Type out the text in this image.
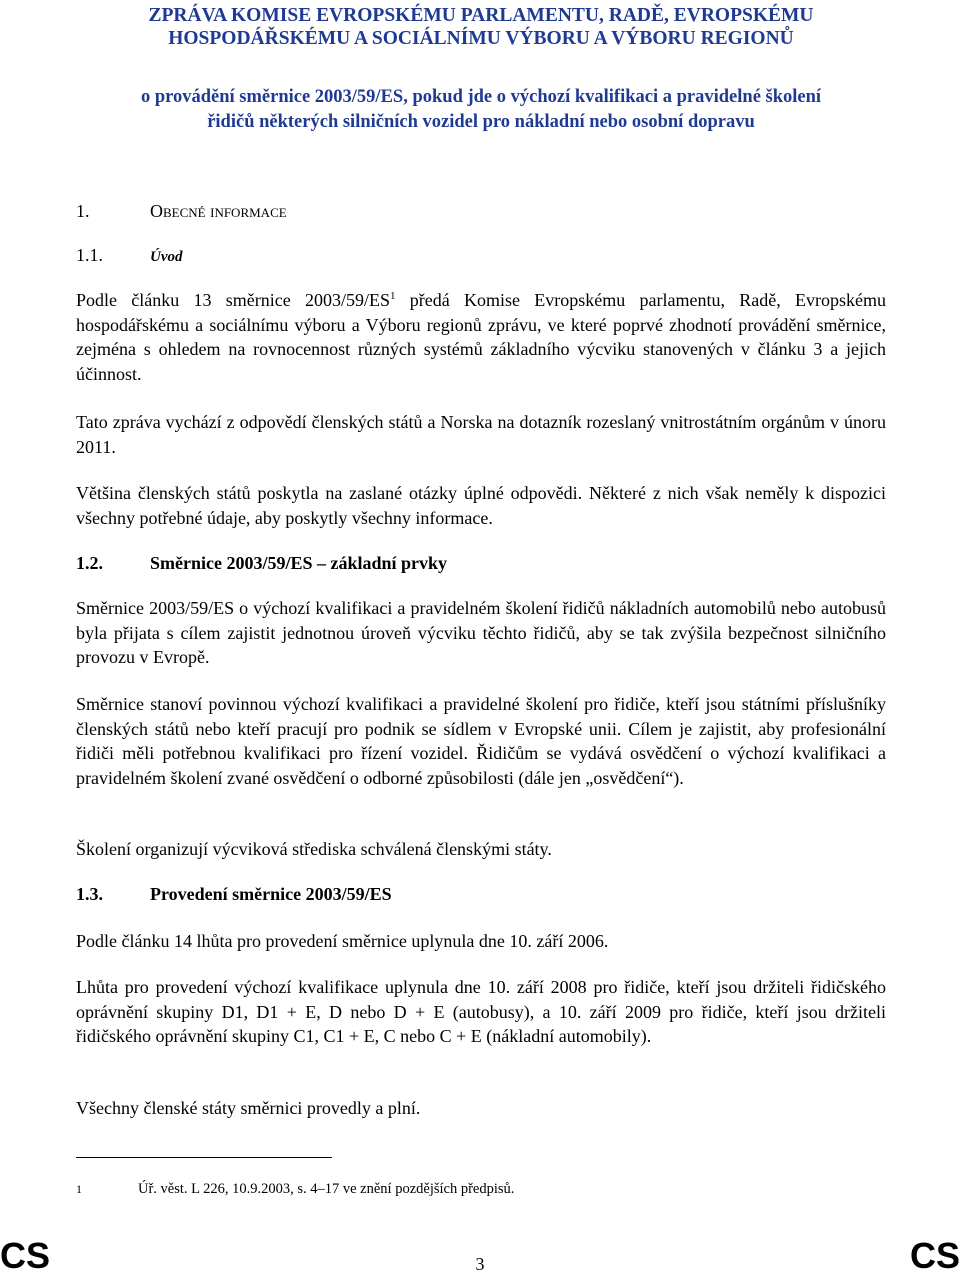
ZPRÁVA KOMISE EVROPSKÉMU PARLAMENTU, RADĚ, EVROPSKÉMU
HOSPODÁŘSKÉMU A SOCIÁLNÍMU VÝBORU A VÝBORU REGIONŮ
o provádění směrnice 2003/59/ES, pokud jde o výchozí kvalifikaci a pravidelné školení
řidičů některých silničních vozidel pro nákladní nebo osobní dopravu
1.	Obecné informace
1.1.	Úvod

Podle článku 13 směrnice $2003/59/ES^1$ předá Komise Evropskému parlamentu, Radě, Evropskému hospodářskému a sociálnímu výboru a Výboru regionů zprávu, ve které poprvé zhodnotí provádění směrnice, zejména s ohledem na rovnocennost různých systémů základního výcviku stanovených v článku 3 a jejich účinnost.

Tato zpráva vychází z odpovědí členských států a Norska na dotazník rozeslaný vnitrostátním orgánům v únoru 2011.

Většina členských států poskytla na zaslané otázky úplné odpovědi. Některé z nich však neměly k dispozici všechny potřebné údaje, aby poskytly všechny informace.

1.2.	Směrnice 2003/59/ES – základní prvky

Směrnice 2003/59/ES o výchozí kvalifikaci a pravidelném školení řidičů nákladních automobilů nebo autobusů byla přijata s cílem zajistit jednotnou úroveň výcviku těchto řidičů, aby se tak zvýšila bezpečnost silničního provozu v Evropě.

Směrnice stanoví povinnou výchozí kvalifikaci a pravidelné školení pro řidiče, kteří jsou státními příslušníky členských států nebo kteří pracují pro podnik se sídlem v Evropské unii. Cílem je zajistit, aby profesionální řidiči měli potřebnou kvalifikaci pro řízení vozidel. Řidičům se vydává osvědčení o výchozí kvalifikaci a pravidelném školení zvané osvědčení o odborné způsobilosti (dále jen „osvědčení“).

Školení organizují výcviková střediska schválená členskými státy.

1.3.	Provedení směrnice 2003/59/ES

Podle článku 14 lhůta pro provedení směrnice uplynula dne 10. září 2006.

Lhůta pro provedení výchozí kvalifikace uplynula dne 10. září 2008 pro řidiče, kteří jsou držiteli řidičského oprávnění skupiny D1, D1 + E, D nebo D + E (autobusy), a 10. září 2009 pro řidiče, kteří jsou držiteli řidičského oprávnění skupiny C1, C1 + E, C nebo C + E (nákladní automobily).

Všechny členské státy směrnici provedly a plní.

1	Úř. věst. L 226, 10.9.2003, s. 4–17 ve znění pozdějších předpisů.
CS	3	CS
